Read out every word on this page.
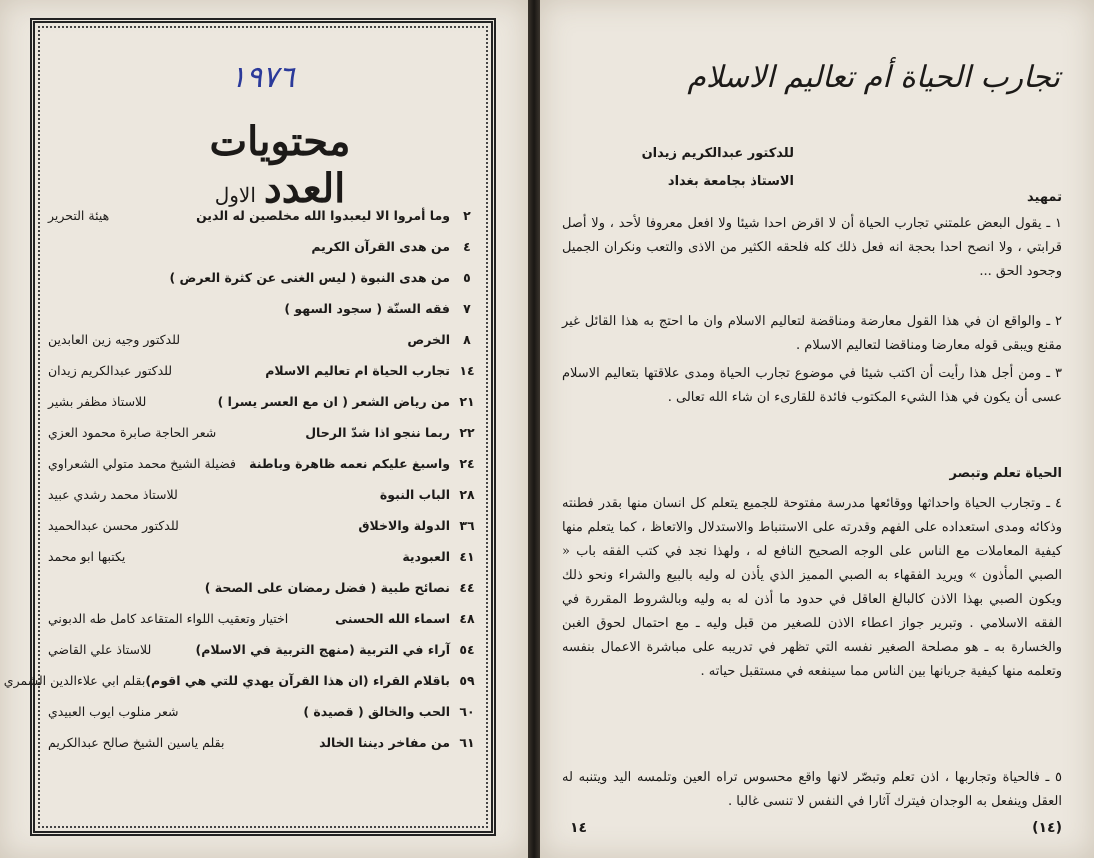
١٩٧٦
محتويات العددالاول
٢
وما أمروا الا ليعبدوا الله مخلصين له الدين
هيئة التحرير
٤
من هدى القرآن الكريم
٥
من هدى النبوة ( ليس الغنى عن كثرة العرض )
٧
فقه السنّة ( سجود السهو )
٨
الخرص
للدكتور وجيه زين العابدين
١٤
تجارب الحياة ام تعاليم الاسلام
للدكتور عبدالكريم زيدان
٢١
من رياض الشعر ( ان مع العسر يسرا )
للاستاذ مظفر بشير
٢٢
ربما ننجو اذا شدّ الرحال
شعر الحاجة صابرة محمود العزي
٢٤
واسبغ عليكم نعمه ظاهرة وباطنة
فضيلة الشيخ محمد متولي الشعراوي
٢٨
الباب النبوة
للاستاذ محمد رشدي عبيد
٣٦
الدولة والاخلاق
للدكتور محسن عبدالحميد
٤١
العبودية
يكتبها ابو محمد
٤٤
نصائح طبية ( فضل رمضان على الصحة )
٤٨
اسماء الله الحسنى
اختيار وتعقيب اللواء المتقاعد كامل طه الدبوني
٥٤
آراء في التربية (منهج التربية في الاسلام)
للاستاذ علي القاضي
٥٩
باقلام القراء (ان هذا القرآن يهدي للتي هي اقوم)
بقلم ابي علاءالدين الشمري
٦٠
الحب والخالق ( قصيدة )
شعر منلوب ايوب العبيدي
٦١
من مفاخر ديننا الخالد
بقلم ياسين الشيخ صالح عبدالكريم
تجارب الحياة أم تعاليم الاسلام
للدكتور عبدالكريم زيدان
الاستاذ بجامعة بغداد
تمهيد
١ ـ يقول البعض علمتني تجارب الحياة أن لا اقرض احدا شيئا ولا افعل معروفا لأحد ، ولا أصل قرابتي ، ولا انصح احدا بحجة انه فعل ذلك كله فلحقه الكثير من الاذى والتعب ونكران الجميل وجحود الحق ...
٢ ـ والواقع ان في هذا القول معارضة ومناقضة لتعاليم الاسلام وان ما احتج به هذا القائل غير مقنع ويبقى قوله معارضا ومناقضا لتعاليم الاسلام .
٣ ـ ومن أجل هذا رأيت أن اكتب شيئا في موضوع تجارب الحياة ومدى علاقتها بتعاليم الاسلام عسى أن يكون في هذا الشيء المكتوب فائدة للقارىء ان شاء الله تعالى .
الحياة تعلم وتبصر
٤ ـ وتجارب الحياة واحداثها ووقائعها مدرسة مفتوحة للجميع يتعلم كل انسان منها بقدر فطنته وذكائه ومدى استعداده على الفهم وقدرته على الاستنباط والاستدلال والاتعاظ ، كما يتعلم منها كيفية المعاملات مع الناس على الوجه الصحيح النافع له ، ولهذا نجد في كتب الفقه باب « الصبي المأذون » ويريد الفقهاء به الصبي المميز الذي يأذن له وليه بالبيع والشراء ونحو ذلك ويكون الصبي بهذا الاذن كالبالغ العاقل في حدود ما أذن له به وليه وبالشروط المقررة في الفقه الاسلامي . وتبرير جواز اعطاء الاذن للصغير من قبل وليه ـ مع احتمال لحوق الغبن والخسارة به ـ هو مصلحة الصغير نفسه التي تظهر في تدريبه على مباشرة الاعمال بنفسه وتعلمه منها كيفية جريانها بين الناس مما سينفعه في مستقبل حياته .
٥ ـ فالحياة وتجاربها ، اذن تعلم وتبصّر لانها واقع محسوس تراه العين وتلمسه اليد ويتنبه له العقل وينفعل به الوجدان فيترك آثارا في النفس لا تنسى غالبا .
١٤	(١٤)
